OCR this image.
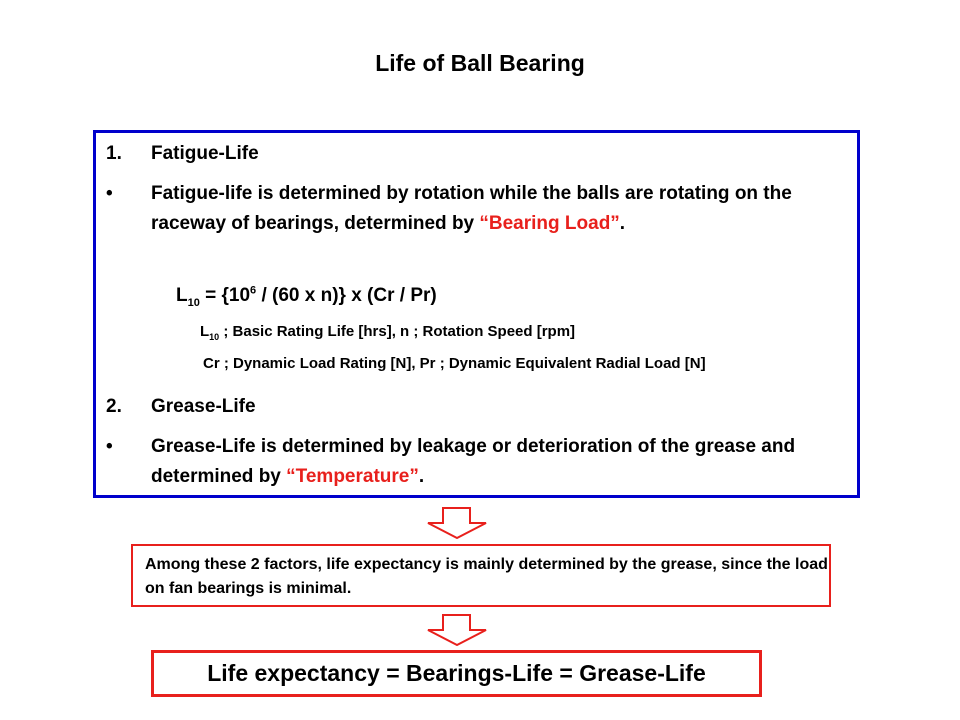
Life of Ball Bearing
1. Fatigue-Life
• Fatigue-life is determined by rotation while the balls are rotating on the raceway of bearings, determined by “Bearing Load”.
$L_{10} = \{10^6 / (60$ x n)} x (Cr / Pr)
$L_{10}$ ; Basic Rating Life [hrs], n ; Rotation Speed [rpm]
Cr ; Dynamic Load Rating [N], Pr ; Dynamic Equivalent Radial Load [N]
2. Grease-Life
• Grease-Life is determined by leakage or deterioration of the grease and determined by “Temperature”.
Among these 2 factors, life expectancy is mainly determined by the grease, since the load on fan bearings is minimal.
Life expectancy = Bearings-Life = Grease-Life
